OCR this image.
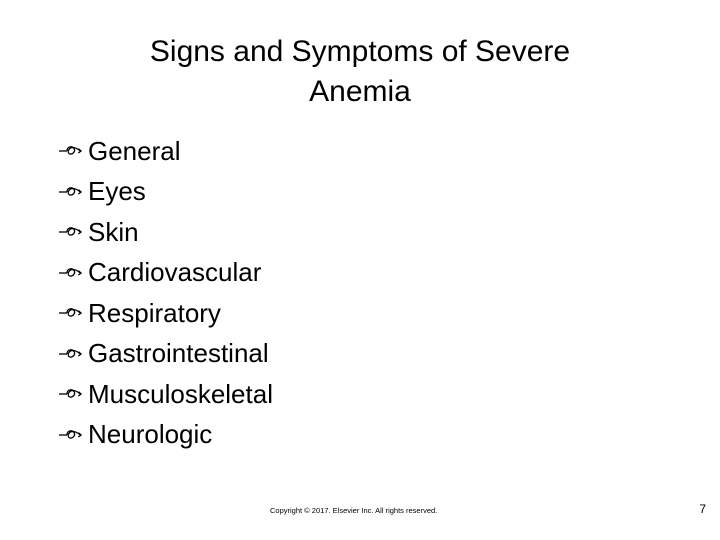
Signs and Symptoms of Severe
Anemia
General
Eyes
Skin
Cardiovascular
Respiratory
Gastrointestinal
Musculoskeletal
Neurologic
Copyright © 2017. Elsevier Inc. All rights reserved.	7
